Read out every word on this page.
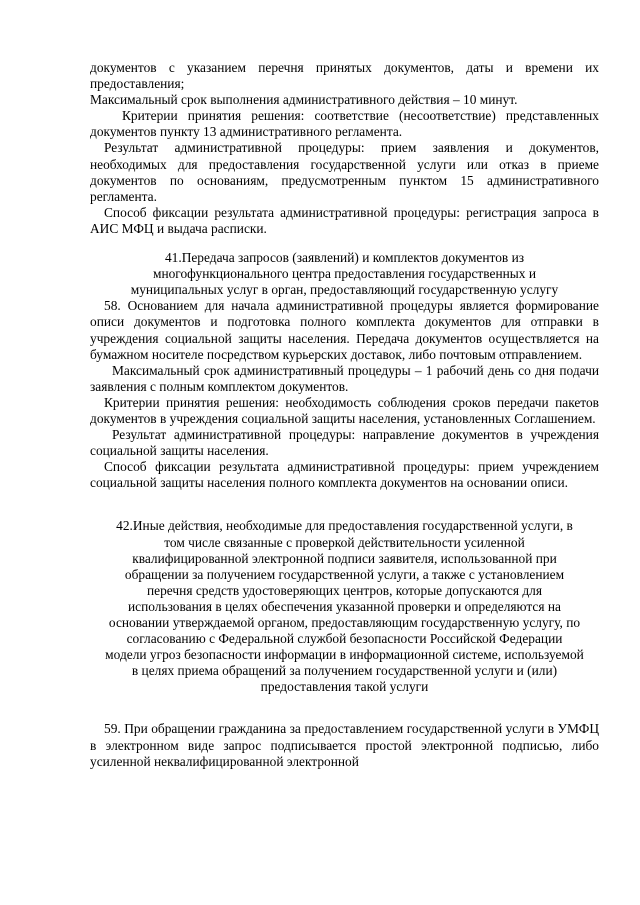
документов с указанием перечня принятых документов, даты и времени их предоставления;

Максимальный срок выполнения административного действия – 10 минут.

Критерии принятия решения: соответствие (несоответствие) представленных документов пункту 13 административного регламента.

Результат административной процедуры: прием заявления и документов, необходимых для предоставления государственной услуги или отказ в приеме документов по основаниям, предусмотренным пунктом 15 административного регламента.

Способ фиксации результата административной процедуры: регистрация запроса в АИС МФЦ и выдача расписки.

41.Передача запросов (заявлений) и комплектов документов из многофункционального центра предоставления государственных и муниципальных услуг в орган, предоставляющий государственную услугу

58. Основанием для начала административной процедуры является формирование описи документов и подготовка полного комплекта документов для отправки в учреждения социальной защиты населения. Передача документов осуществляется на бумажном носителе посредством курьерских доставок, либо почтовым отправлением.

Максимальный срок административный процедуры – 1 рабочий день со дня подачи заявления с полным комплектом документов.

Критерии принятия решения: необходимость соблюдения сроков передачи пакетов документов в учреждения социальной защиты населения, установленных Соглашением.

Результат административной процедуры: направление документов в учреждения социальной защиты населения.

Способ фиксации результата административной процедуры: прием учреждением социальной защиты населения полного комплекта документов на основании описи.

42.Иные действия, необходимые для предоставления государственной услуги, в том числе связанные с проверкой действительности усиленной квалифицированной электронной подписи заявителя, использованной при обращении за получением государственной услуги, а также с установлением перечня средств удостоверяющих центров, которые допускаются для использования в целях обеспечения указанной проверки и определяются на основании утверждаемой органом, предоставляющим государственную услугу, по согласованию с Федеральной службой безопасности Российской Федерации модели угроз безопасности информации в информационной системе, используемой в целях приема обращений за получением государственной услуги и (или) предоставления такой услуги

59. При обращении гражданина за предоставлением государственной услуги в УМФЦ в электронном виде запрос подписывается простой электронной подписью, либо усиленной неквалифицированной электронной
